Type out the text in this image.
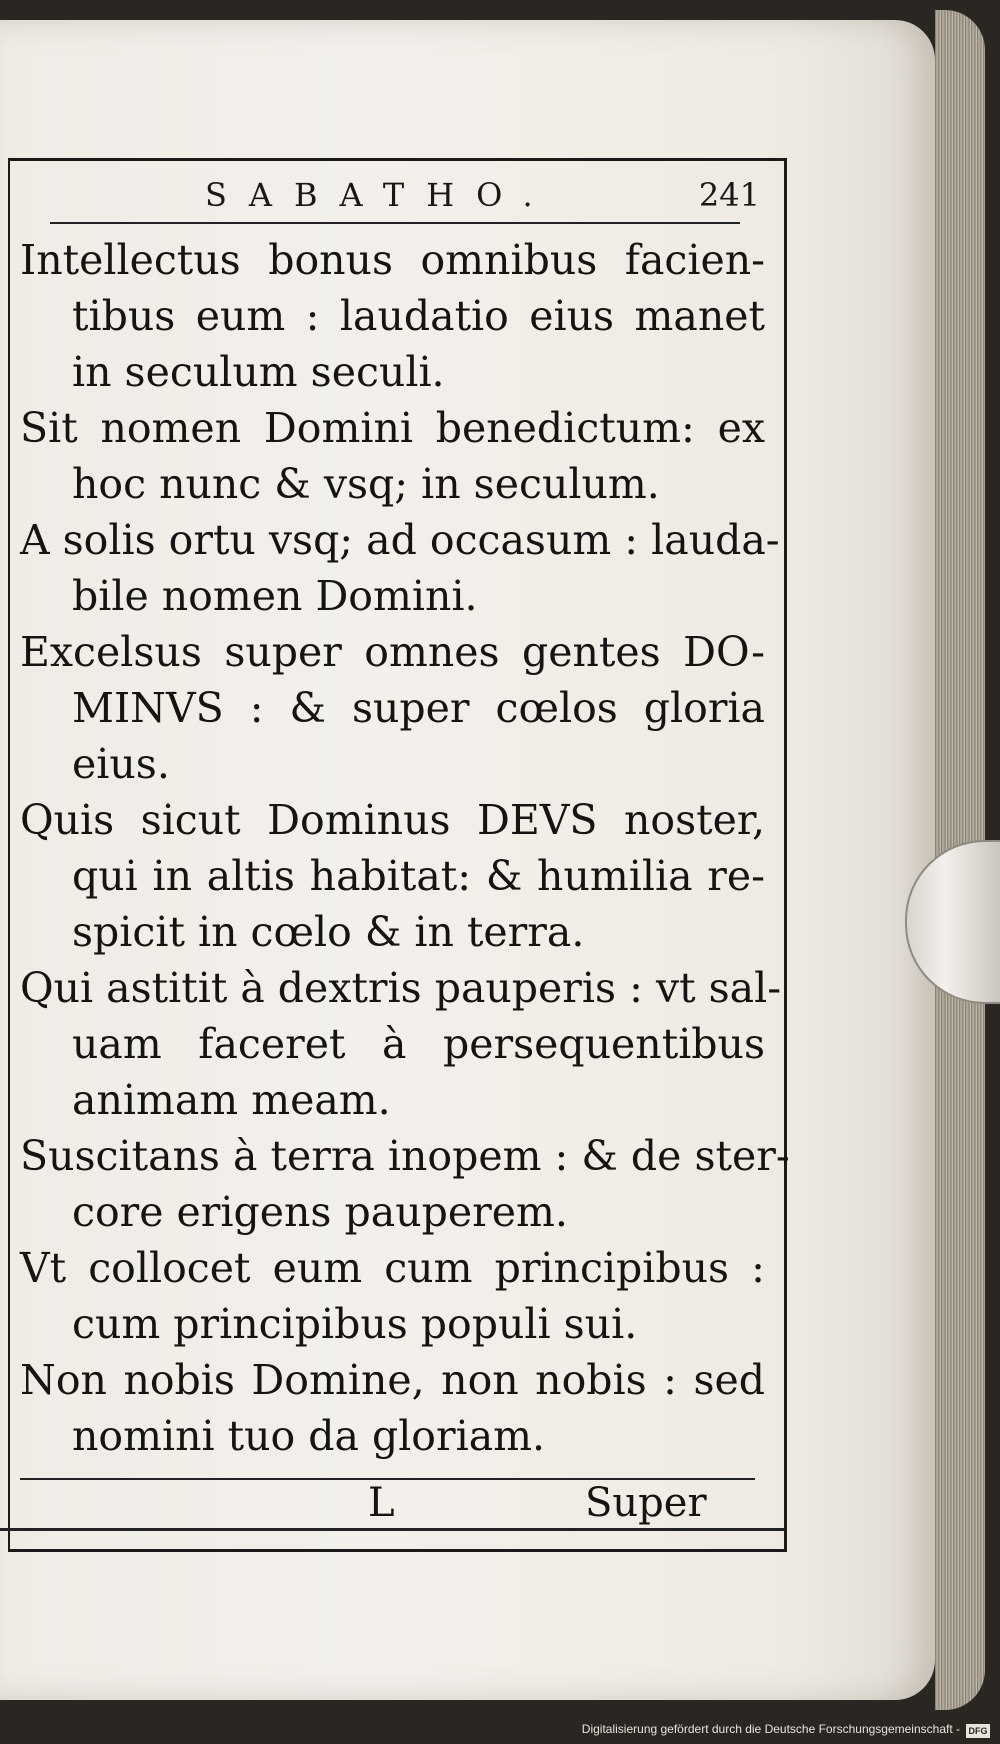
SABATHO.	241
Intellectus bonus omnibus facien-
tibus eum : laudatio eius manet
in seculum seculi.
Sit nomen Domini benedictum: ex
hoc nunc & vsq; in seculum.
A solis ortu vsq; ad occasum : lauda-
bile nomen Domini.
Excelsus super omnes gentes DO-
MINVS : & super cœlos gloria
eius.
Quis sicut Dominus DEVS noster,
qui in altis habitat: & humilia re-
spicit in cœlo & in terra.
Qui astitit à dextris pauperis : vt sal-
uam faceret à persequentibus
animam meam.
Suscitans à terra inopem : & de ster-
core erigens pauperem.
Vt collocet eum cum principibus :
cum principibus populi sui.
Non nobis Domine, non nobis : sed
nomini tuo da gloriam.
L	Super
Digitalisierung gefördert durch die Deutsche Forschungsgemeinschaft - DFG
